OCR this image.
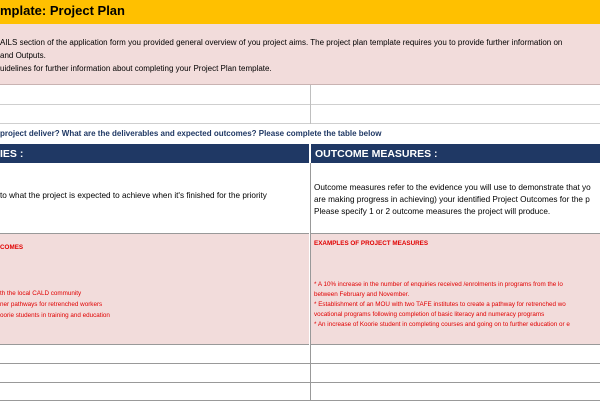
mplate: Project Plan
AILS section of the application form you provided general overview of you project aims. The project plan template requires you to provide further information on
and Outputs.
uidelines for further information about completing your Project Plan template.
project deliver? What are the deliverables and expected outcomes? Please complete the table below
IES :	OUTCOME MEASURES :
to what the project is expected to achieve when it's finished for the priority
Outcome measures refer to the evidence you will use to demonstrate that yo
are making progress in achieving) your identified Project Outcomes for the p
Please specify 1 or 2 outcome measures the project will produce.
COMES
th the local CALD community
ner pathways for retrenched workers
oorie students in training and education
EXAMPLES OF PROJECT MEASURES
* A 10% increase in the number of enquiries received /enrolments in programs from the lo
between February and November.
* Establishment of an MOU with two TAFE institutes to create a pathway for retrenched wo
vocational programs following completion of basic literacy and numeracy programs
* An increase of Koorie student in completing courses and going on to further education or e
